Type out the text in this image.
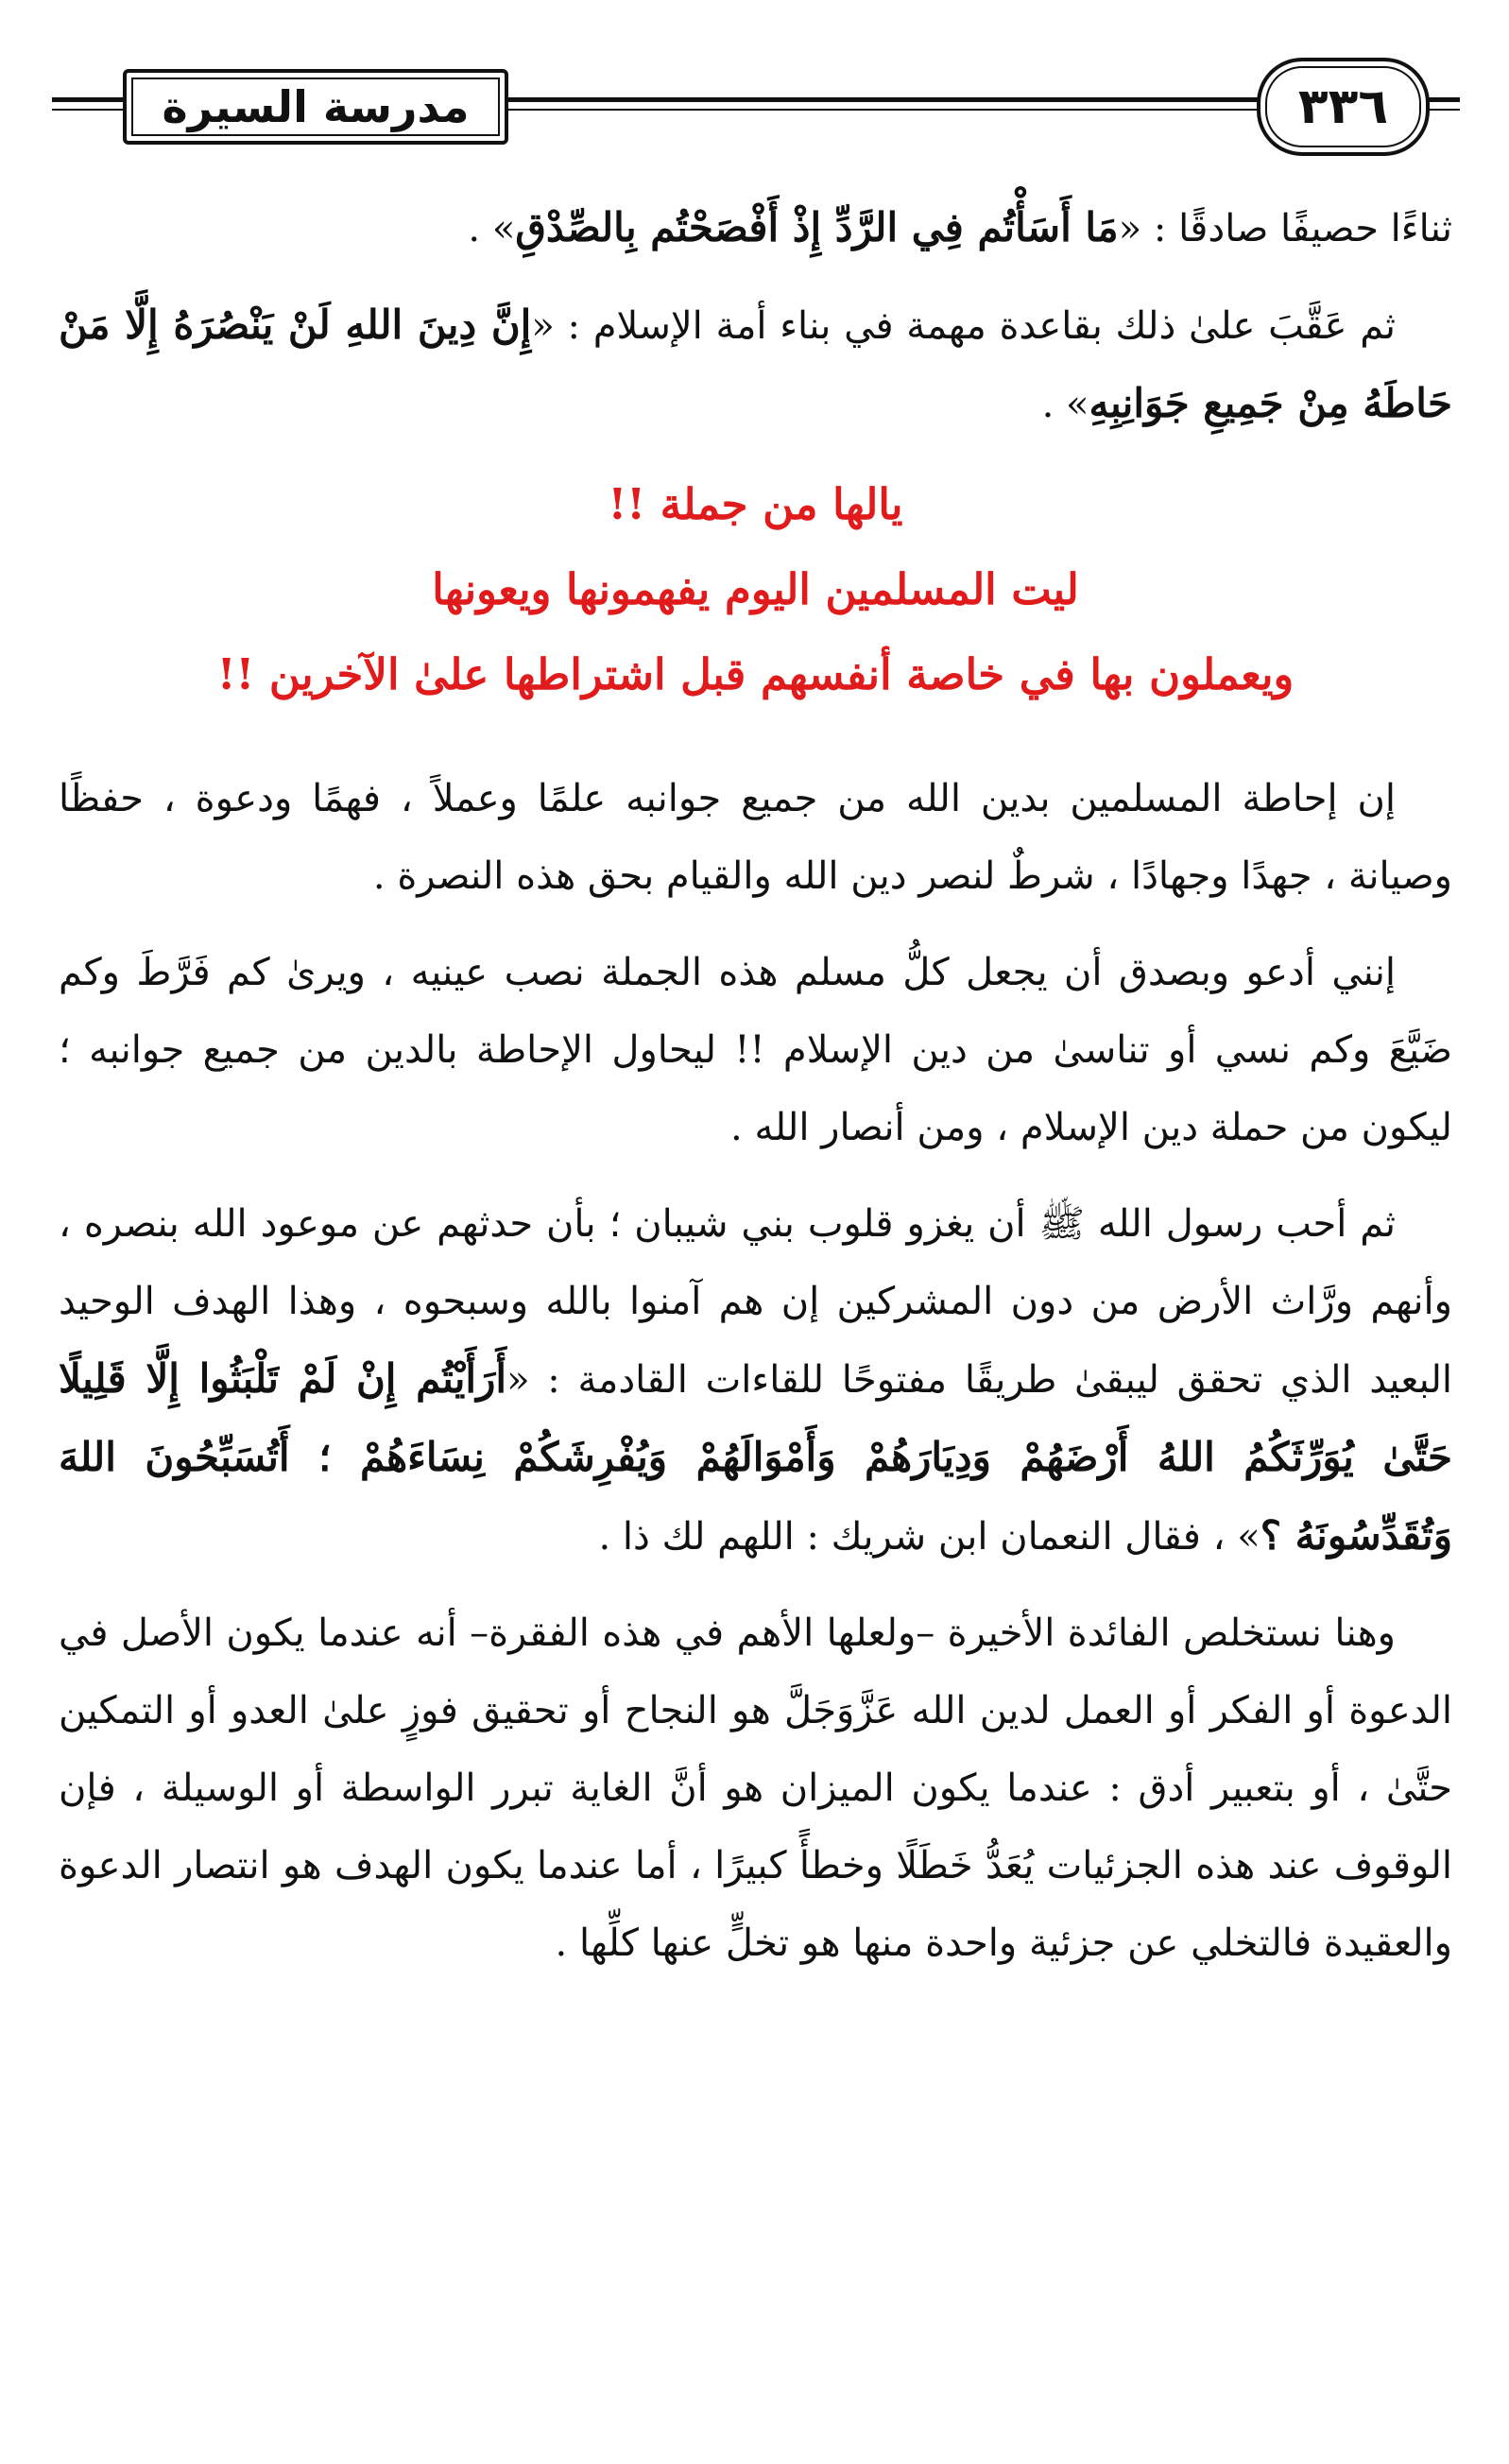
مدرسة السيرة	٣٣٦

ثناءًا حصيفًا صادقًا : «مَا أَسَأْتُم فِي الرَّدِّ إِذْ أَفْصَحْتُم بِالصِّدْقِ» .

ثم عَقَّبَ علىٰ ذلك بقاعدة مهمة في بناء أمة الإسلام : «إِنَّ دِينَ اللهِ لَنْ يَنْصُرَهُ إِلَّا مَنْ حَاطَهُ مِنْ جَمِيعِ جَوَانِبِهِ» .

يالها من جملة !!

ليت المسلمين اليوم يفهمونها ويعونها

ويعملون بها في خاصة أنفسهم قبل اشتراطها علىٰ الآخرين !!

إن إحاطة المسلمين بدين الله من جميع جوانبه علمًا وعملاً ، فهمًا ودعوة ، حفظًا وصيانة ، جهدًا وجهادًا ، شرطٌ لنصر دين الله والقيام بحق هذه النصرة .

إنني أدعو وبصدق أن يجعل كلُّ مسلم هذه الجملة نصب عينيه ، ويرىٰ كم فَرَّطَ وكم ضَيَّعَ وكم نسي أو تناسىٰ من دين الإسلام !! ليحاول الإحاطة بالدين من جميع جوانبه ؛ ليكون من حملة دين الإسلام ، ومن أنصار الله .

ثم أحب رسول الله ﷺ أن يغزو قلوب بني شيبان ؛ بأن حدثهم عن موعود الله بنصره ، وأنهم ورَّاث الأرض من دون المشركين إن هم آمنوا بالله وسبحوه ، وهذا الهدف الوحيد البعيد الذي تحقق ليبقىٰ طريقًا مفتوحًا للقاءات القادمة : «أَرَأَيْتُم إِنْ لَمْ تَلْبَثُوا إِلَّا قَلِيلًا حَتَّىٰ يُوَرِّثَكُمُ اللهُ أَرْضَهُمْ وَدِيَارَهُمْ وَأَمْوَالَهُمْ وَيُفْرِشَكُمْ نِسَاءَهُمْ ؛ أَتُسَبِّحُونَ اللهَ وَتُقَدِّسُونَهُ ؟» ، فقال النعمان ابن شريك : اللهم لك ذا .

وهنا نستخلص الفائدة الأخيرة –ولعلها الأهم في هذه الفقرة– أنه عندما يكون الأصل في الدعوة أو الفكر أو العمل لدين الله عَزَّوَجَلَّ هو النجاح أو تحقيق فوزٍ علىٰ العدو أو التمكين حتَّىٰ ، أو بتعبير أدق : عندما يكون الميزان هو أنَّ الغاية تبرر الواسطة أو الوسيلة ، فإن الوقوف عند هذه الجزئيات يُعَدُّ خَطَلًا وخطأً كبيرًا ، أما عندما يكون الهدف هو انتصار الدعوة والعقيدة فالتخلي عن جزئية واحدة منها هو تخلٍّ عنها كلِّها .
